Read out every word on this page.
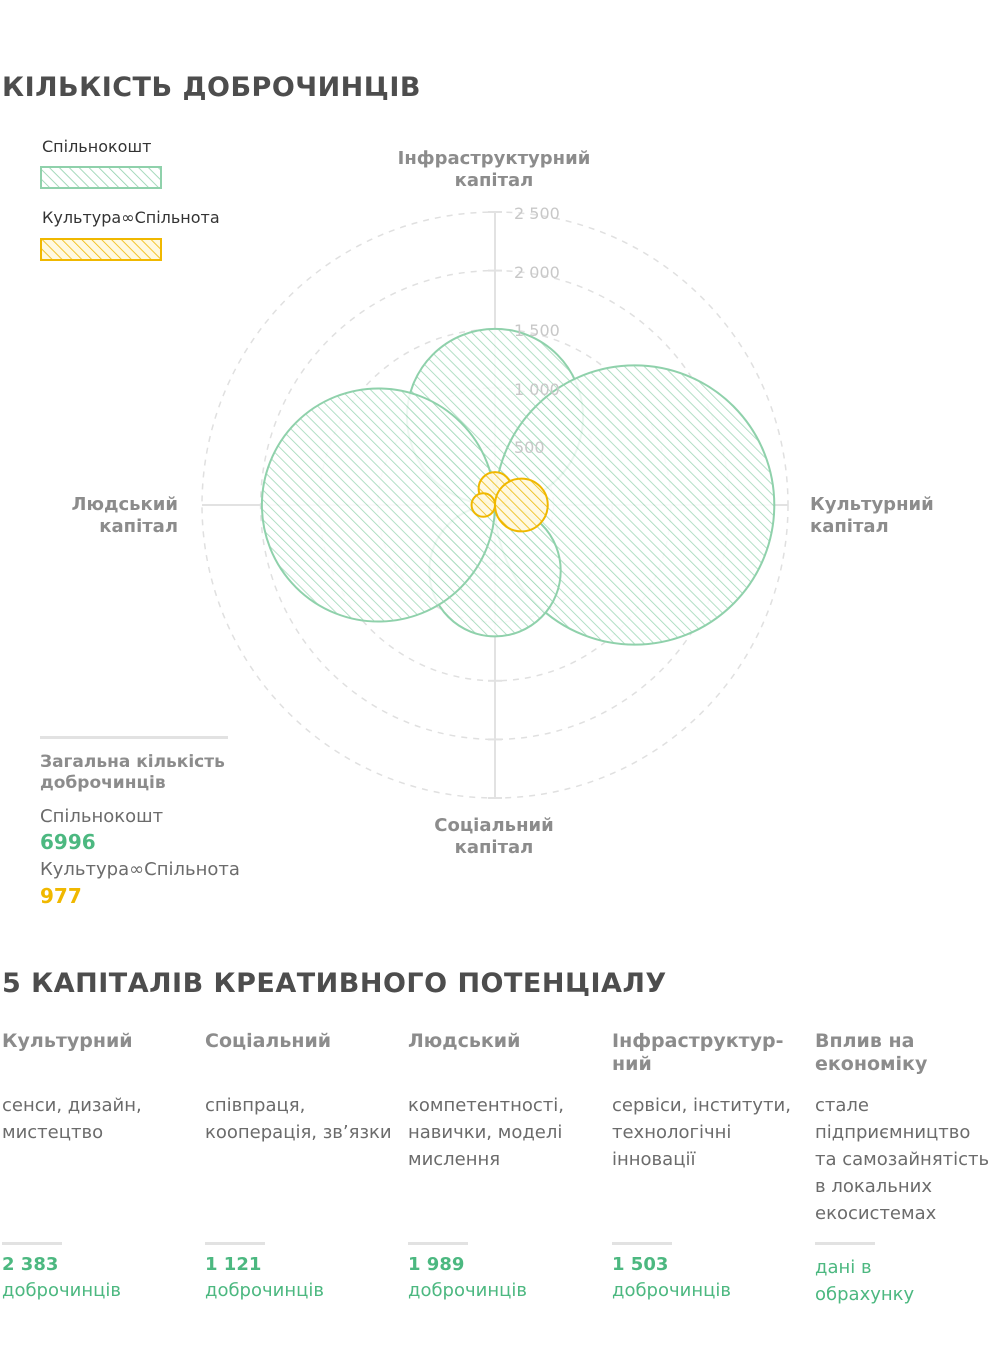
КІЛЬКІСТЬ ДОБРОЧИНЦІВ
Спільнокошт
Культура∞Спільнота
Інфраструктурний
капітал
Культурний
капітал
Людський
капітал
Соціальний
капітал
500
1 000
1 500
2 000
2 500
Загальна кількість доброчинців
Спільнокошт
6996
Культура∞Спільнота
977
5 КАПІТАЛІВ КРЕАТИВНОГО ПОТЕНЦІАЛУ
Культурний
сенси, дизайн, мистецтво
2 383
доброчинців
Соціальний
співпраця, кооперація, зв’язки
1 121
доброчинців
Людський
компетентності, навички, моделі мислення
1 989
доброчинців
Інфраструктур-ний
сервіси, інститути, технологічні інновації
1 503
доброчинців
Вплив на економіку
стале підприємництво та самозайнятість в локальних екосистемах
дані в обрахунку
